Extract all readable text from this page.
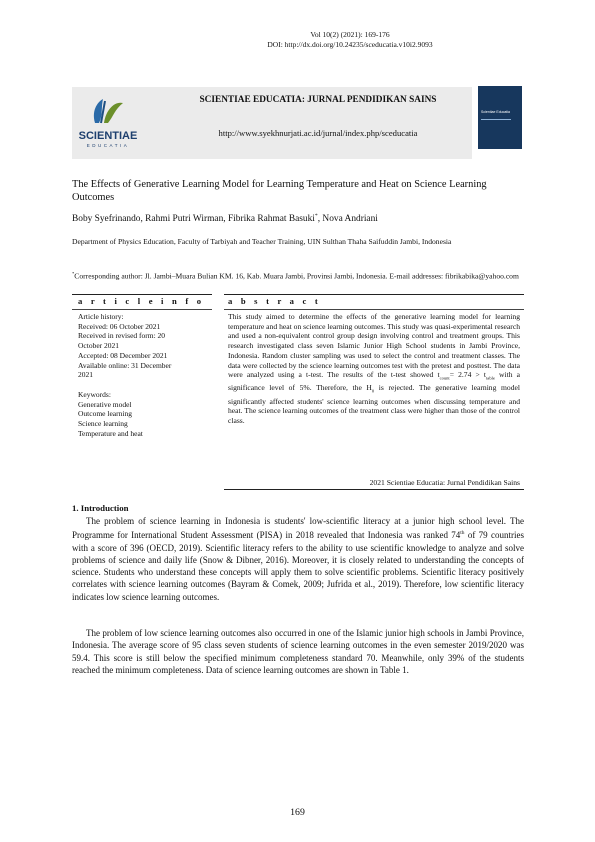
Vol 10(2) (2021): 169-176
DOI: http://dx.doi.org/10.24235/sceducatia.v10i2.9093
SCIENTIAE
EDUCATIA
SCIENTIAE EDUCATIA: JURNAL PENDIDIKAN SAINS
http://www.syekhnurjati.ac.id/jurnal/index.php/sceducatia
Scientiae Educatia
The Effects of Generative Learning Model for Learning Temperature and Heat on Science Learning Outcomes
Boby Syefrinando, Rahmi Putri Wirman, Fibrika Rahmat Basuki*, Nova Andriani
Department of Physics Education, Faculty of Tarbiyah and Teacher Training, UIN Sulthan Thaha Saifuddin Jambi, Indonesia
*Corresponding author: Jl. Jambi–Muara Bulian KM. 16, Kab. Muara Jambi, Provinsi Jambi, Indonesia. E-mail addresses: fibrikabika@yahoo.com
a r t i c l e i n f o	a b s t r a c t
Article history:
Received: 06 October 2021
Received in revised form: 20
October 2021
Accepted: 08 December 2021
Available online: 31 December
2021
Keywords:
Generative model
Outcome learning
Science learning
Temperature and heat
This study aimed to determine the effects of the generative learning model for learning temperature and heat on science learning outcomes. This study was quasi-experimental research and used a non-equivalent control group design involving control and treatment groups. This research investigated class seven Islamic Junior High School students in Jambi Province, Indonesia. Random cluster sampling was used to select the control and treatment classes. The data were collected by the science learning outcomes test with the pretest and posttest. The data were analyzed using a t-test. The results of the t-test showed $t_{count}= 2.74 > t_{table}$ with a significance level of 5%. Therefore, the $H_0$ is rejected. The generative learning model significantly affected students' science learning outcomes when discussing temperature and heat. The science learning outcomes of the treatment class were higher than those of the control class.
2021 Scientiae Educatia: Jurnal Pendidikan Sains
1. Introduction

The problem of science learning in Indonesia is students' low-scientific literacy at a junior high school level. The Programme for International Student Assessment (PISA) in 2018 revealed that Indonesia was ranked 74th of 79 countries with a score of 396 (OECD, 2019). Scientific literacy refers to the ability to use scientific knowledge to analyze and solve problems of science and daily life (Snow & Dibner, 2016). Moreover, it is closely related to understanding the concepts of science. Students who understand these concepts will apply them to solve scientific problems. Scientific literacy positively correlates with science learning outcomes (Bayram & Comek, 2009; Jufrida et al., 2019). Therefore, low scientific literacy indicates low science learning outcomes.

The problem of low science learning outcomes also occurred in one of the Islamic junior high schools in Jambi Province, Indonesia. The average score of 95 class seven students of science learning outcomes in the even semester 2019/2020 was 59.4. This score is still below the specified minimum completeness standard 70. Meanwhile, only 39% of the students reached the minimum completeness. Data of science learning outcomes are shown in Table 1.

169
